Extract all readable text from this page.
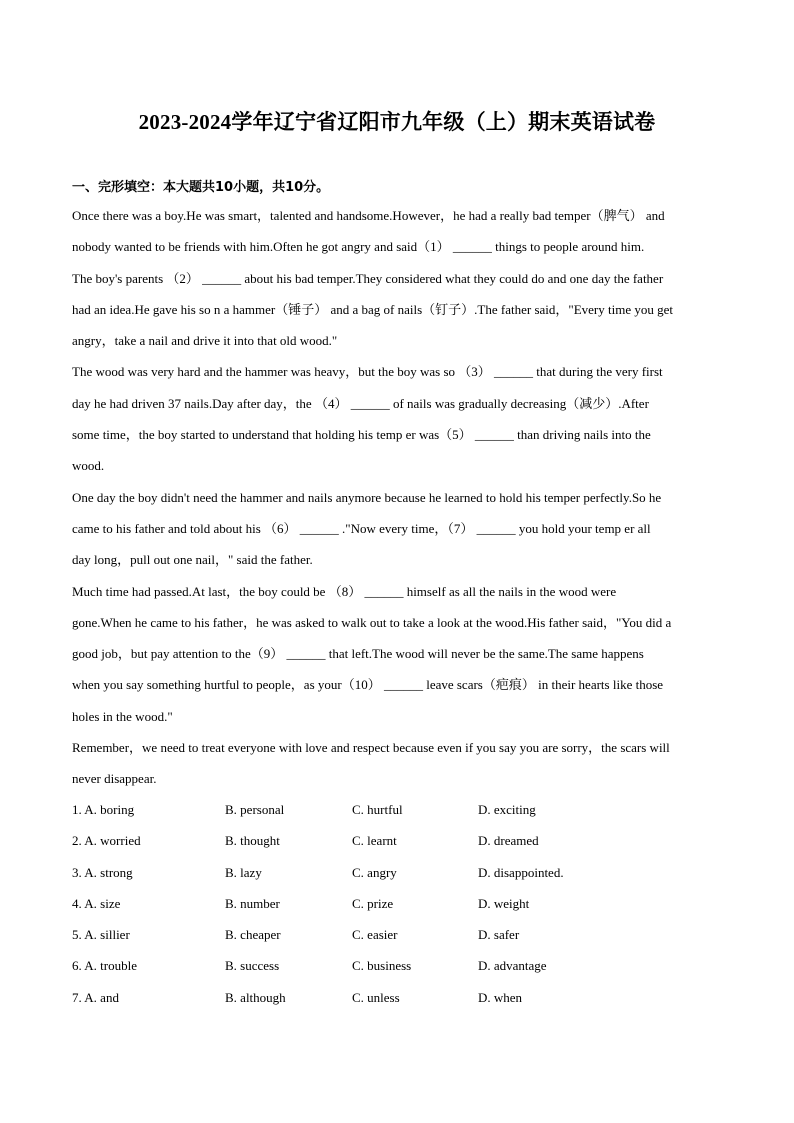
2023-2024学年辽宁省辽阳市九年级（上）期末英语试卷
一、完形填空：本大题共10小题，共10分。
Once there was a boy.He was smart，talented and handsome.However，he had a really bad temper（脾气） and
nobody wanted to be friends with him.Often he got angry and said（1） ______ things to people around him.
The boy's parents （2） ______ about his bad temper.They considered what they could do and one day the father
had an idea.He gave his so n a hammer（锤子） and a bag of nails（钉子）.The father said，"Every time you get
angry，take a nail and drive it into that old wood."
The wood was very hard and the hammer was heavy，but the boy was so （3） ______ that during the very first
day he had driven 37 nails.Day after day，the （4） ______ of nails was gradually decreasing（减少）.After
some time，the boy started to understand that holding his temp er was（5） ______ than driving nails into the
wood.
One day the boy didn't need the hammer and nails anymore because he learned to hold his temper perfectly.So he
came to his father and told about his （6） ______ ."Now every time，（7） ______ you hold your temp er all
day long，pull out one nail，" said the father.
Much time had passed.At last，the boy could be （8） ______ himself as all the nails in the wood were
gone.When he came to his father，he was asked to walk out to take a look at the wood.His father said，"You did a
good job，but pay attention to the（9） ______ that left.The wood will never be the same.The same happens
when you say something hurtful to people，as your（10） ______ leave scars（疤痕） in their hearts like those
holes in the wood."
Remember，we need to treat everyone with love and respect because even if you say you are sorry，the scars will
never disappear.
1. A. boring	B. personal	C. hurtful	D. exciting
2. A. worried	B. thought	C. learnt	D. dreamed
3. A. strong	B. lazy	C. angry	D. disappointed.
4. A. size	B. number	C. prize	D. weight
5. A. sillier	B. cheaper	C. easier	D. safer
6. A. trouble	B. success	C. business	D. advantage
7. A. and	B. although	C. unless	D. when
